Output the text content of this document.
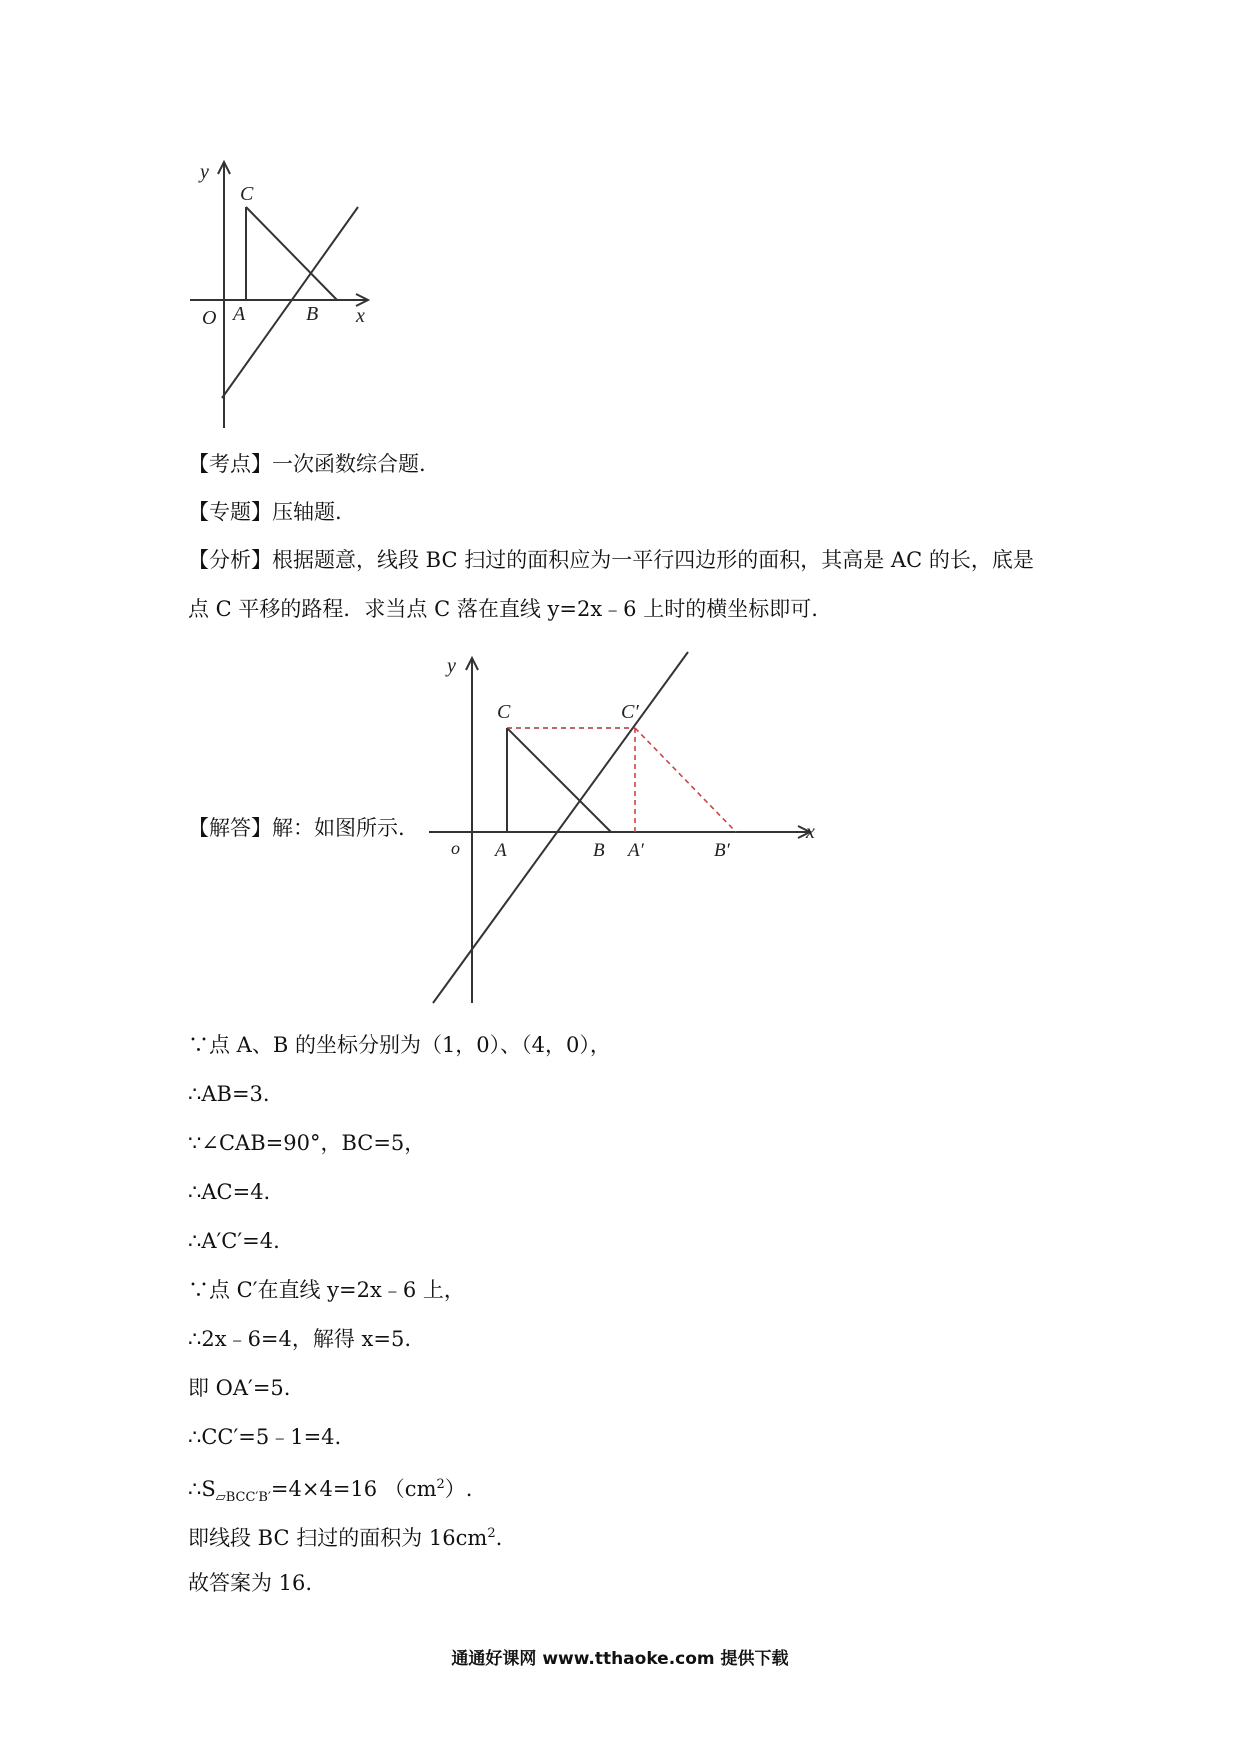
y
C
O A	B x
【考点】一次函数综合题.
【专题】压轴题.
【分析】根据题意，线段 BC 扫过的面积应为一平行四边形的面积，其高是 AC 的长，底是
点 C 平移的路程．求当点 C 落在直线 y=2x﹣6 上时的横坐标即可.
【解答】解：如图所示.
y
C	C′
o A	B A′	B′
x
∵点 A、B 的坐标分别为（1，0）、（4，0），
∴AB=3.
∵∠CAB=90°，BC=5，
∴AC=4.
∴A′C′=4.
∵点 C′在直线 y=2x﹣6 上，
∴2x﹣6=4，解得 x=5.
即 OA′=5.
∴CC′=5﹣1=4.
$\therefore S_{▱BCC'B'}=4\times 4=16$ $(cm^2)$.
即线段 BC 扫过的面积为 $16cm^2$.
故答案为 16.
通通好课网 www.tthaoke.com 提供下载
